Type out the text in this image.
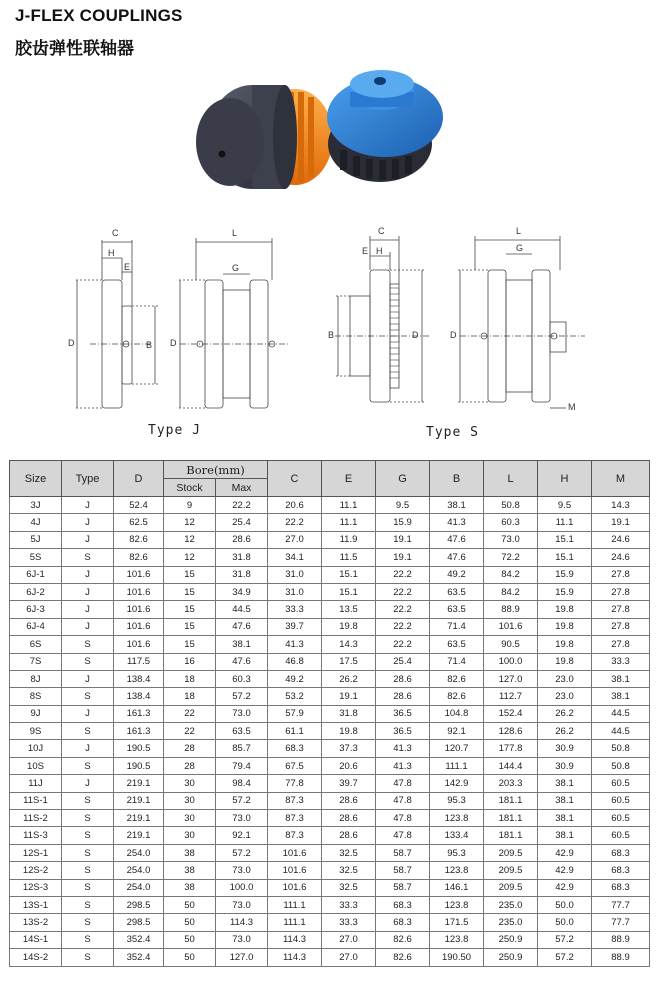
J-FLEX COUPLINGS
胶齿弹性联轴器
C
H
E
L
G
D	B D
C
E H
B	D
L
G
D
M
Type J	Type S
Size	Type	D	Bore(mm)		C	E	G	B	L	H	M
			Stock	Max							
3J	J	52.4	9	22.2	20.6	11.1	9.5	38.1	50.8	9.5	14.3
4J	J	62.5	12	25.4	22.2	11.1	15.9	41.3	60.3	11.1	19.1
5J	J	82.6	12	28.6	27.0	11.9	19.1	47.6	73.0	15.1	24.6
5S	S	82.6	12	31.8	34.1	11.5	19.1	47.6	72.2	15.1	24.6
6J-1	J	101.6	15	31.8	31.0	15.1	22.2	49.2	84.2	15.9	27.8
6J-2	J	101.6	15	34.9	31.0	15.1	22.2	63.5	84.2	15.9	27.8
6J-3	J	101.6	15	44.5	33.3	13.5	22.2	63.5	88.9	19.8	27.8
6J-4	J	101.6	15	47.6	39.7	19.8	22.2	71.4	101.6	19.8	27.8
6S	S	101.6	15	38.1	41.3	14.3	22.2	63.5	90.5	19.8	27.8
7S	S	117.5	16	47.6	46.8	17.5	25.4	71.4	100.0	19.8	33.3
8J	J	138.4	18	60.3	49.2	26.2	28.6	82.6	127.0	23.0	38.1
8S	S	138.4	18	57.2	53.2	19.1	28.6	82.6	112.7	23.0	38.1
9J	J	161.3	22	73.0	57.9	31.8	36.5	104.8	152.4	26.2	44.5
9S	S	161.3	22	63.5	61.1	19.8	36.5	92.1	128.6	26.2	44.5
10J	J	190.5	28	85.7	68.3	37.3	41.3	120.7	177.8	30.9	50.8
10S	S	190.5	28	79.4	67.5	20.6	41.3	111.1	144.4	30.9	50.8
11J	J	219.1	30	98.4	77.8	39.7	47.8	142.9	203.3	38.1	60.5
11S-1	S	219.1	30	57.2	87.3	28.6	47.8	95.3	181.1	38.1	60.5
11S-2	S	219.1	30	73.0	87.3	28.6	47.8	123.8	181.1	38.1	60.5
11S-3	S	219.1	30	92.1	87.3	28.6	47.8	133.4	181.1	38.1	60.5
12S-1	S	254.0	38	57.2	101.6	32.5	58.7	95.3	209.5	42.9	68.3
12S-2	S	254.0	38	73.0	101.6	32.5	58.7	123.8	209.5	42.9	68.3
12S-3	S	254.0	38	100.0	101.6	32.5	58.7	146.1	209.5	42.9	68.3
13S-1	S	298.5	50	73.0	111.1	33.3	68.3	123.8	235.0	50.0	77.7
13S-2	S	298.5	50	114.3	111.1	33.3	68.3	171.5	235.0	50.0	77.7
14S-1	S	352.4	50	73.0	114.3	27.0	82.6	123.8	250.9	57.2	88.9
14S-2	S	352.4	50	127.0	114.3	27.0	82.6	190.50	250.9	57.2	88.9
